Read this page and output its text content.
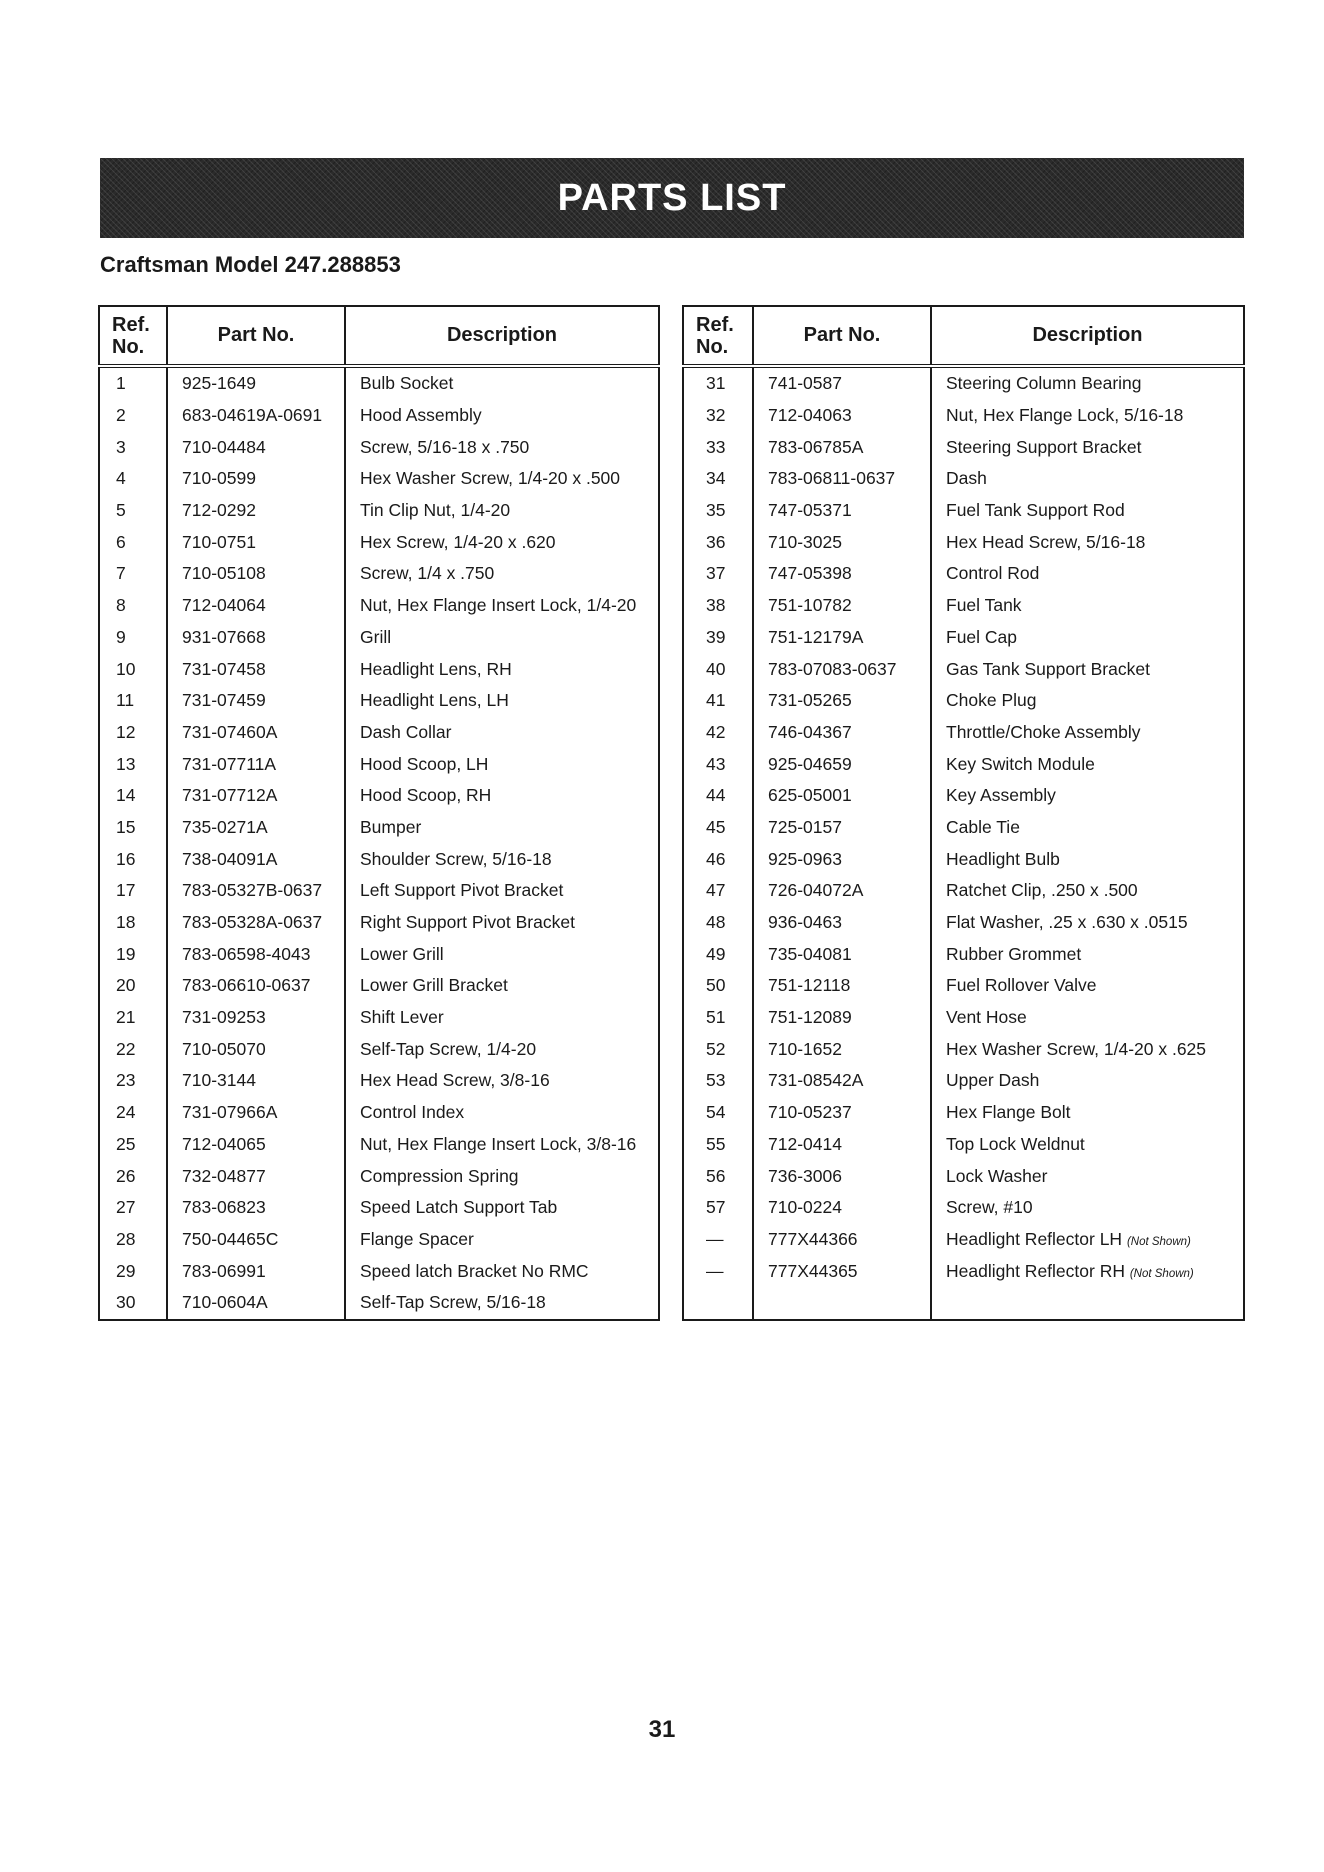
PARTS LIST
Craftsman Model 247.288853
Ref.
No.	Part No.	Description
1	925-1649	Bulb Socket
2	683-04619A-0691	Hood Assembly
3	710-04484	Screw, 5/16-18 x .750
4	710-0599	Hex Washer Screw, 1/4-20 x .500
5	712-0292	Tin Clip Nut, 1/4-20
6	710-0751	Hex Screw, 1/4-20 x .620
7	710-05108	Screw, 1/4 x .750
8	712-04064	Nut, Hex Flange Insert Lock, 1/4-20
9	931-07668	Grill
10	731-07458	Headlight Lens, RH
11	731-07459	Headlight Lens, LH
12	731-07460A	Dash Collar
13	731-07711A	Hood Scoop, LH
14	731-07712A	Hood Scoop, RH
15	735-0271A	Bumper
16	738-04091A	Shoulder Screw, 5/16-18
17	783-05327B-0637	Left Support Pivot Bracket
18	783-05328A-0637	Right Support Pivot Bracket
19	783-06598-4043	Lower Grill
20	783-06610-0637	Lower Grill Bracket
21	731-09253	Shift Lever
22	710-05070	Self-Tap Screw, 1/4-20
23	710-3144	Hex Head Screw, 3/8-16
24	731-07966A	Control Index
25	712-04065	Nut, Hex Flange Insert Lock, 3/8-16
26	732-04877	Compression Spring
27	783-06823	Speed Latch Support Tab
28	750-04465C	Flange Spacer
29	783-06991	Speed latch Bracket No RMC
30	710-0604A	Self-Tap Screw, 5/16-18
Ref.
No.	Part No.	Description
31	741-0587	Steering Column Bearing
32	712-04063	Nut, Hex Flange Lock, 5/16-18
33	783-06785A	Steering Support Bracket
34	783-06811-0637	Dash
35	747-05371	Fuel Tank Support Rod
36	710-3025	Hex Head Screw, 5/16-18
37	747-05398	Control Rod
38	751-10782	Fuel Tank
39	751-12179A	Fuel Cap
40	783-07083-0637	Gas Tank Support Bracket
41	731-05265	Choke Plug
42	746-04367	Throttle/Choke Assembly
43	925-04659	Key Switch Module
44	625-05001	Key Assembly
45	725-0157	Cable Tie
46	925-0963	Headlight Bulb
47	726-04072A	Ratchet Clip, .250 x .500
48	936-0463	Flat Washer, .25 x .630 x .0515
49	735-04081	Rubber Grommet
50	751-12118	Fuel Rollover Valve
51	751-12089	Vent Hose
52	710-1652	Hex Washer Screw, 1/4-20 x .625
53	731-08542A	Upper Dash
54	710-05237	Hex Flange Bolt
55	712-0414	Top Lock Weldnut
56	736-3006	Lock Washer
57	710-0224	Screw, #10
—	777X44366	Headlight Reflector LH (Not Shown)
—	777X44365	Headlight Reflector RH (Not Shown)

31
